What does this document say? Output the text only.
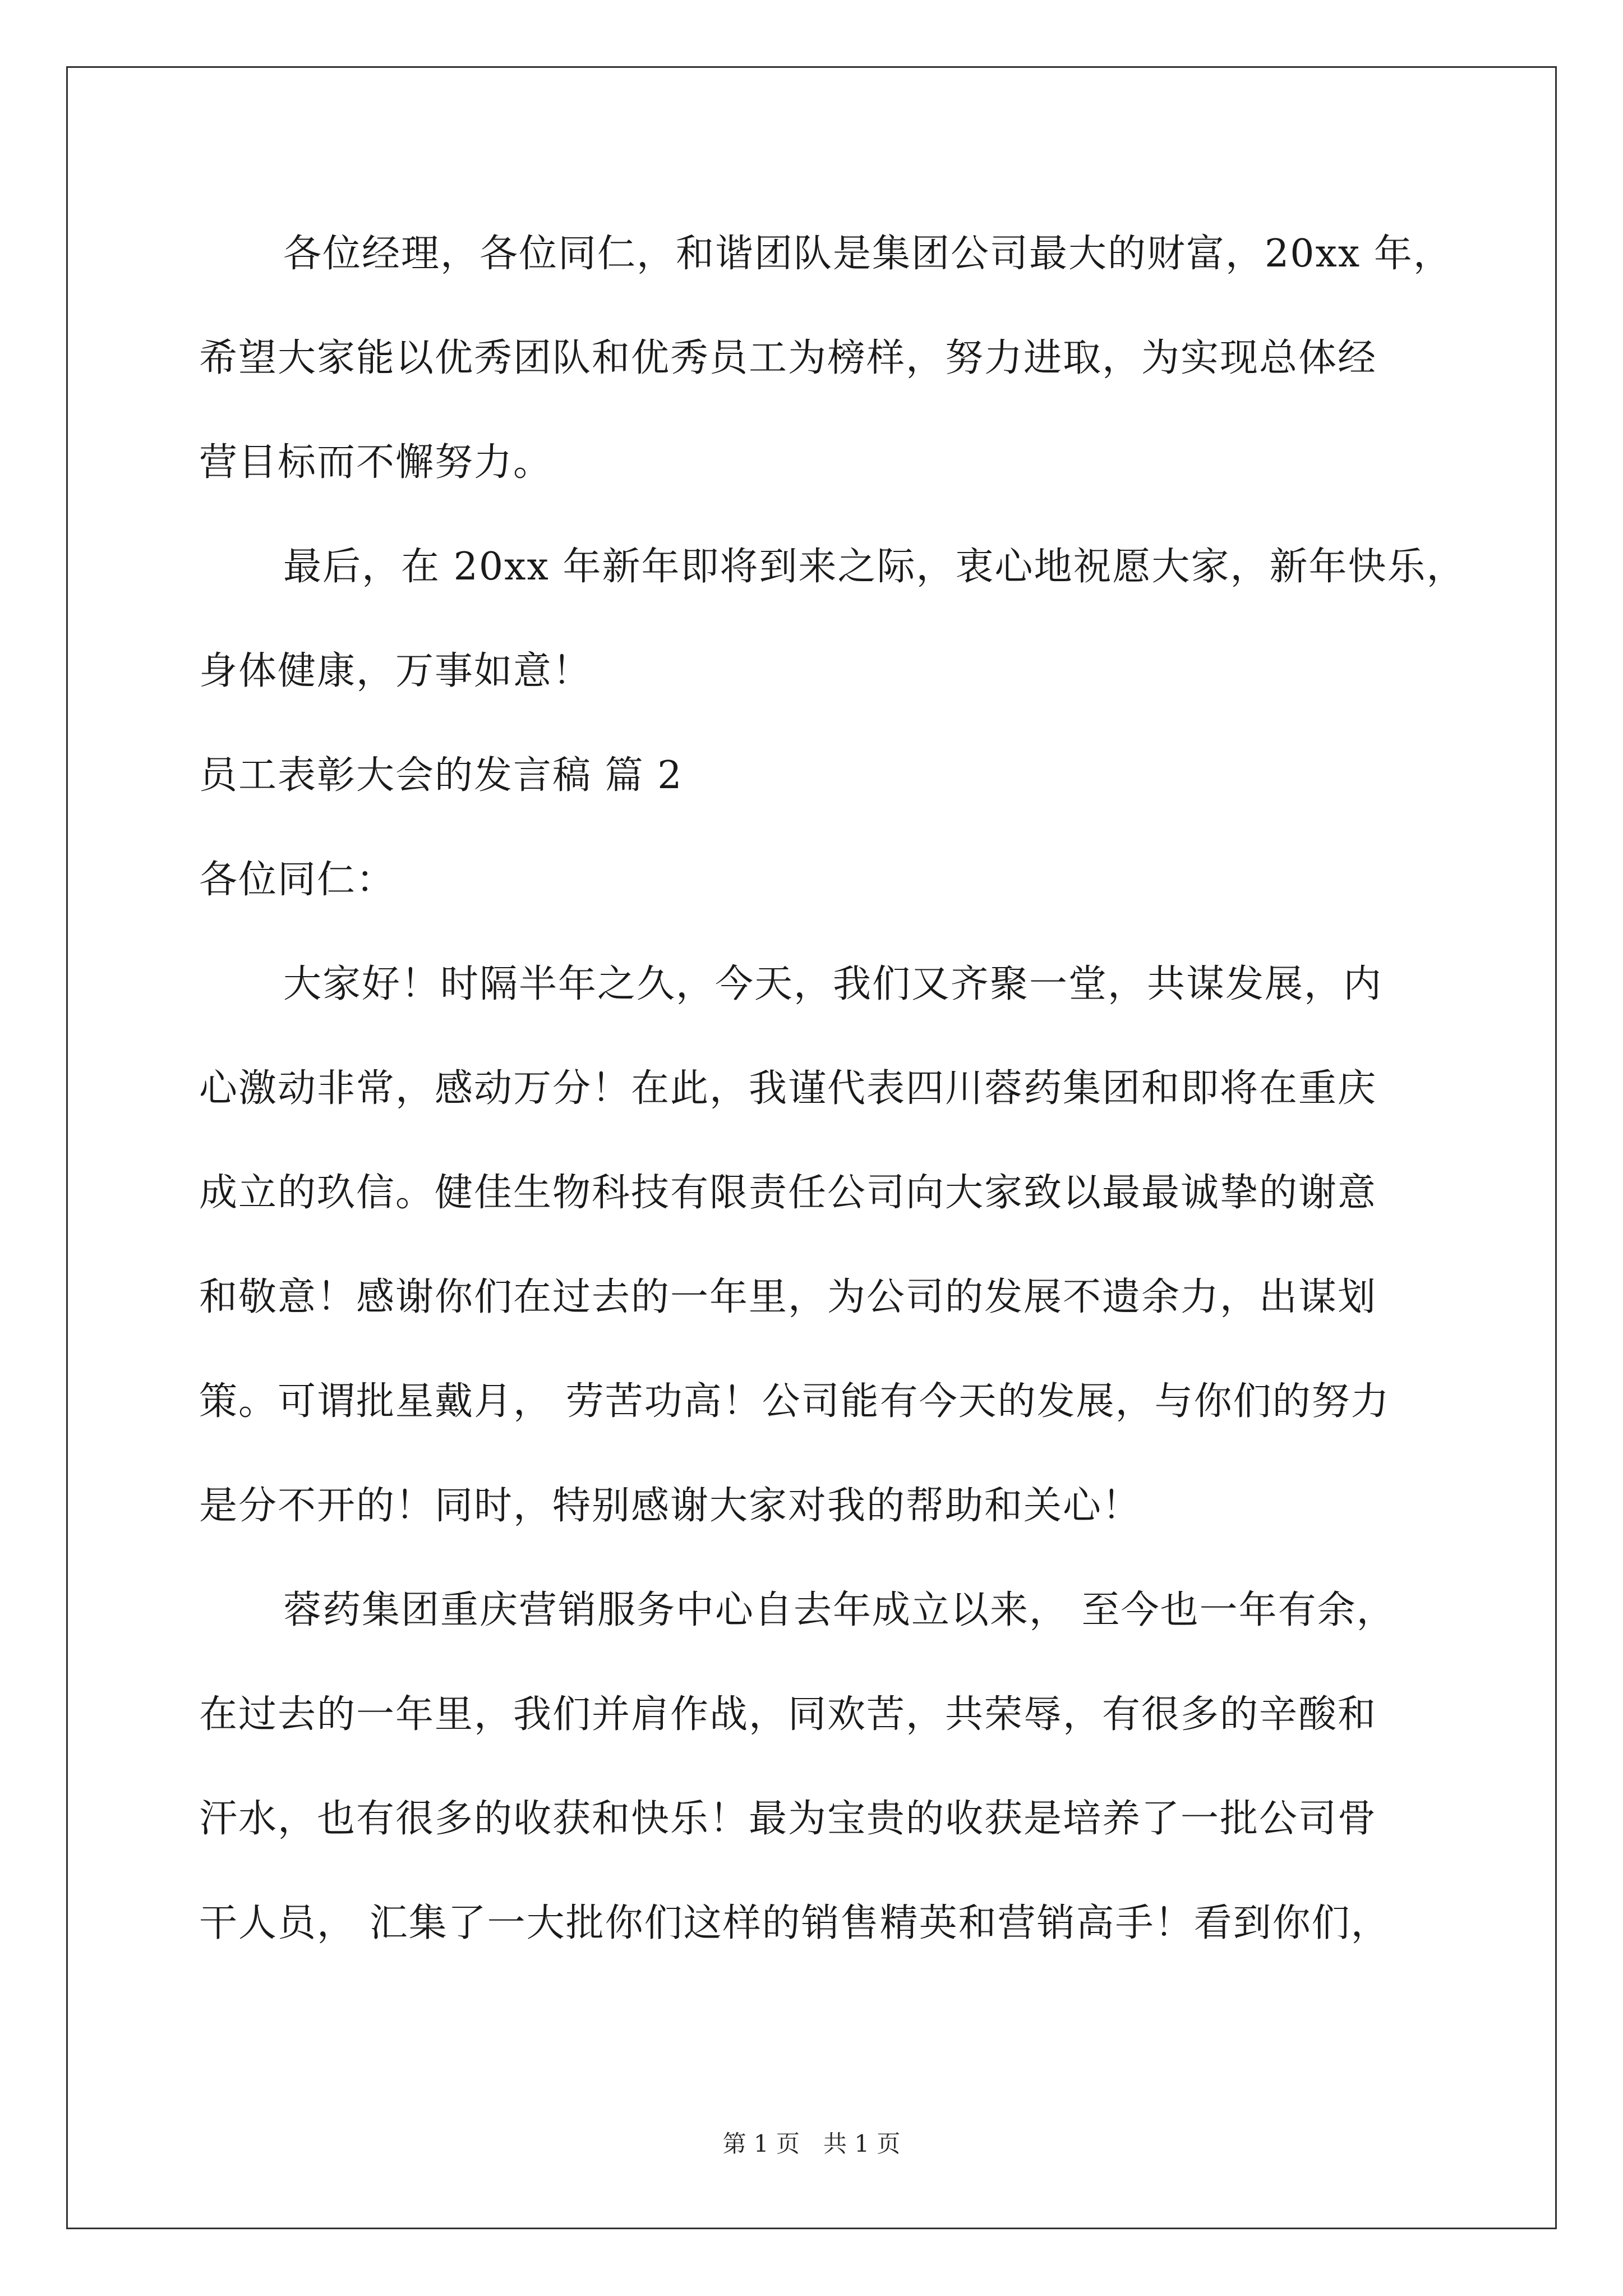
各位经理，各位同仁，和谐团队是集团公司最大的财富，20xx 年，
希望大家能以优秀团队和优秀员工为榜样，努力进取，为实现总体经
营目标而不懈努力。
最后，在 20xx 年新年即将到来之际，衷心地祝愿大家，新年快乐，
身体健康，万事如意！
员工表彰大会的发言稿 篇 2
各位同仁：
大家好！时隔半年之久，今天，我们又齐聚一堂，共谋发展，内
心激动非常，感动万分！在此，我谨代表四川蓉药集团和即将在重庆
成立的玖信。健佳生物科技有限责任公司向大家致以最最诚挚的谢意
和敬意！感谢你们在过去的一年里，为公司的发展不遗余力，出谋划
策。可谓批星戴月， 劳苦功高！公司能有今天的发展，与你们的努力
是分不开的！同时，特别感谢大家对我的帮助和关心！
蓉药集团重庆营销服务中心自去年成立以来， 至今也一年有余，
在过去的一年里，我们并肩作战，同欢苦，共荣辱，有很多的辛酸和
汗水，也有很多的收获和快乐！最为宝贵的收获是培养了一批公司骨
干人员， 汇集了一大批你们这样的销售精英和营销高手！看到你们，
第 1 页　共 1 页
